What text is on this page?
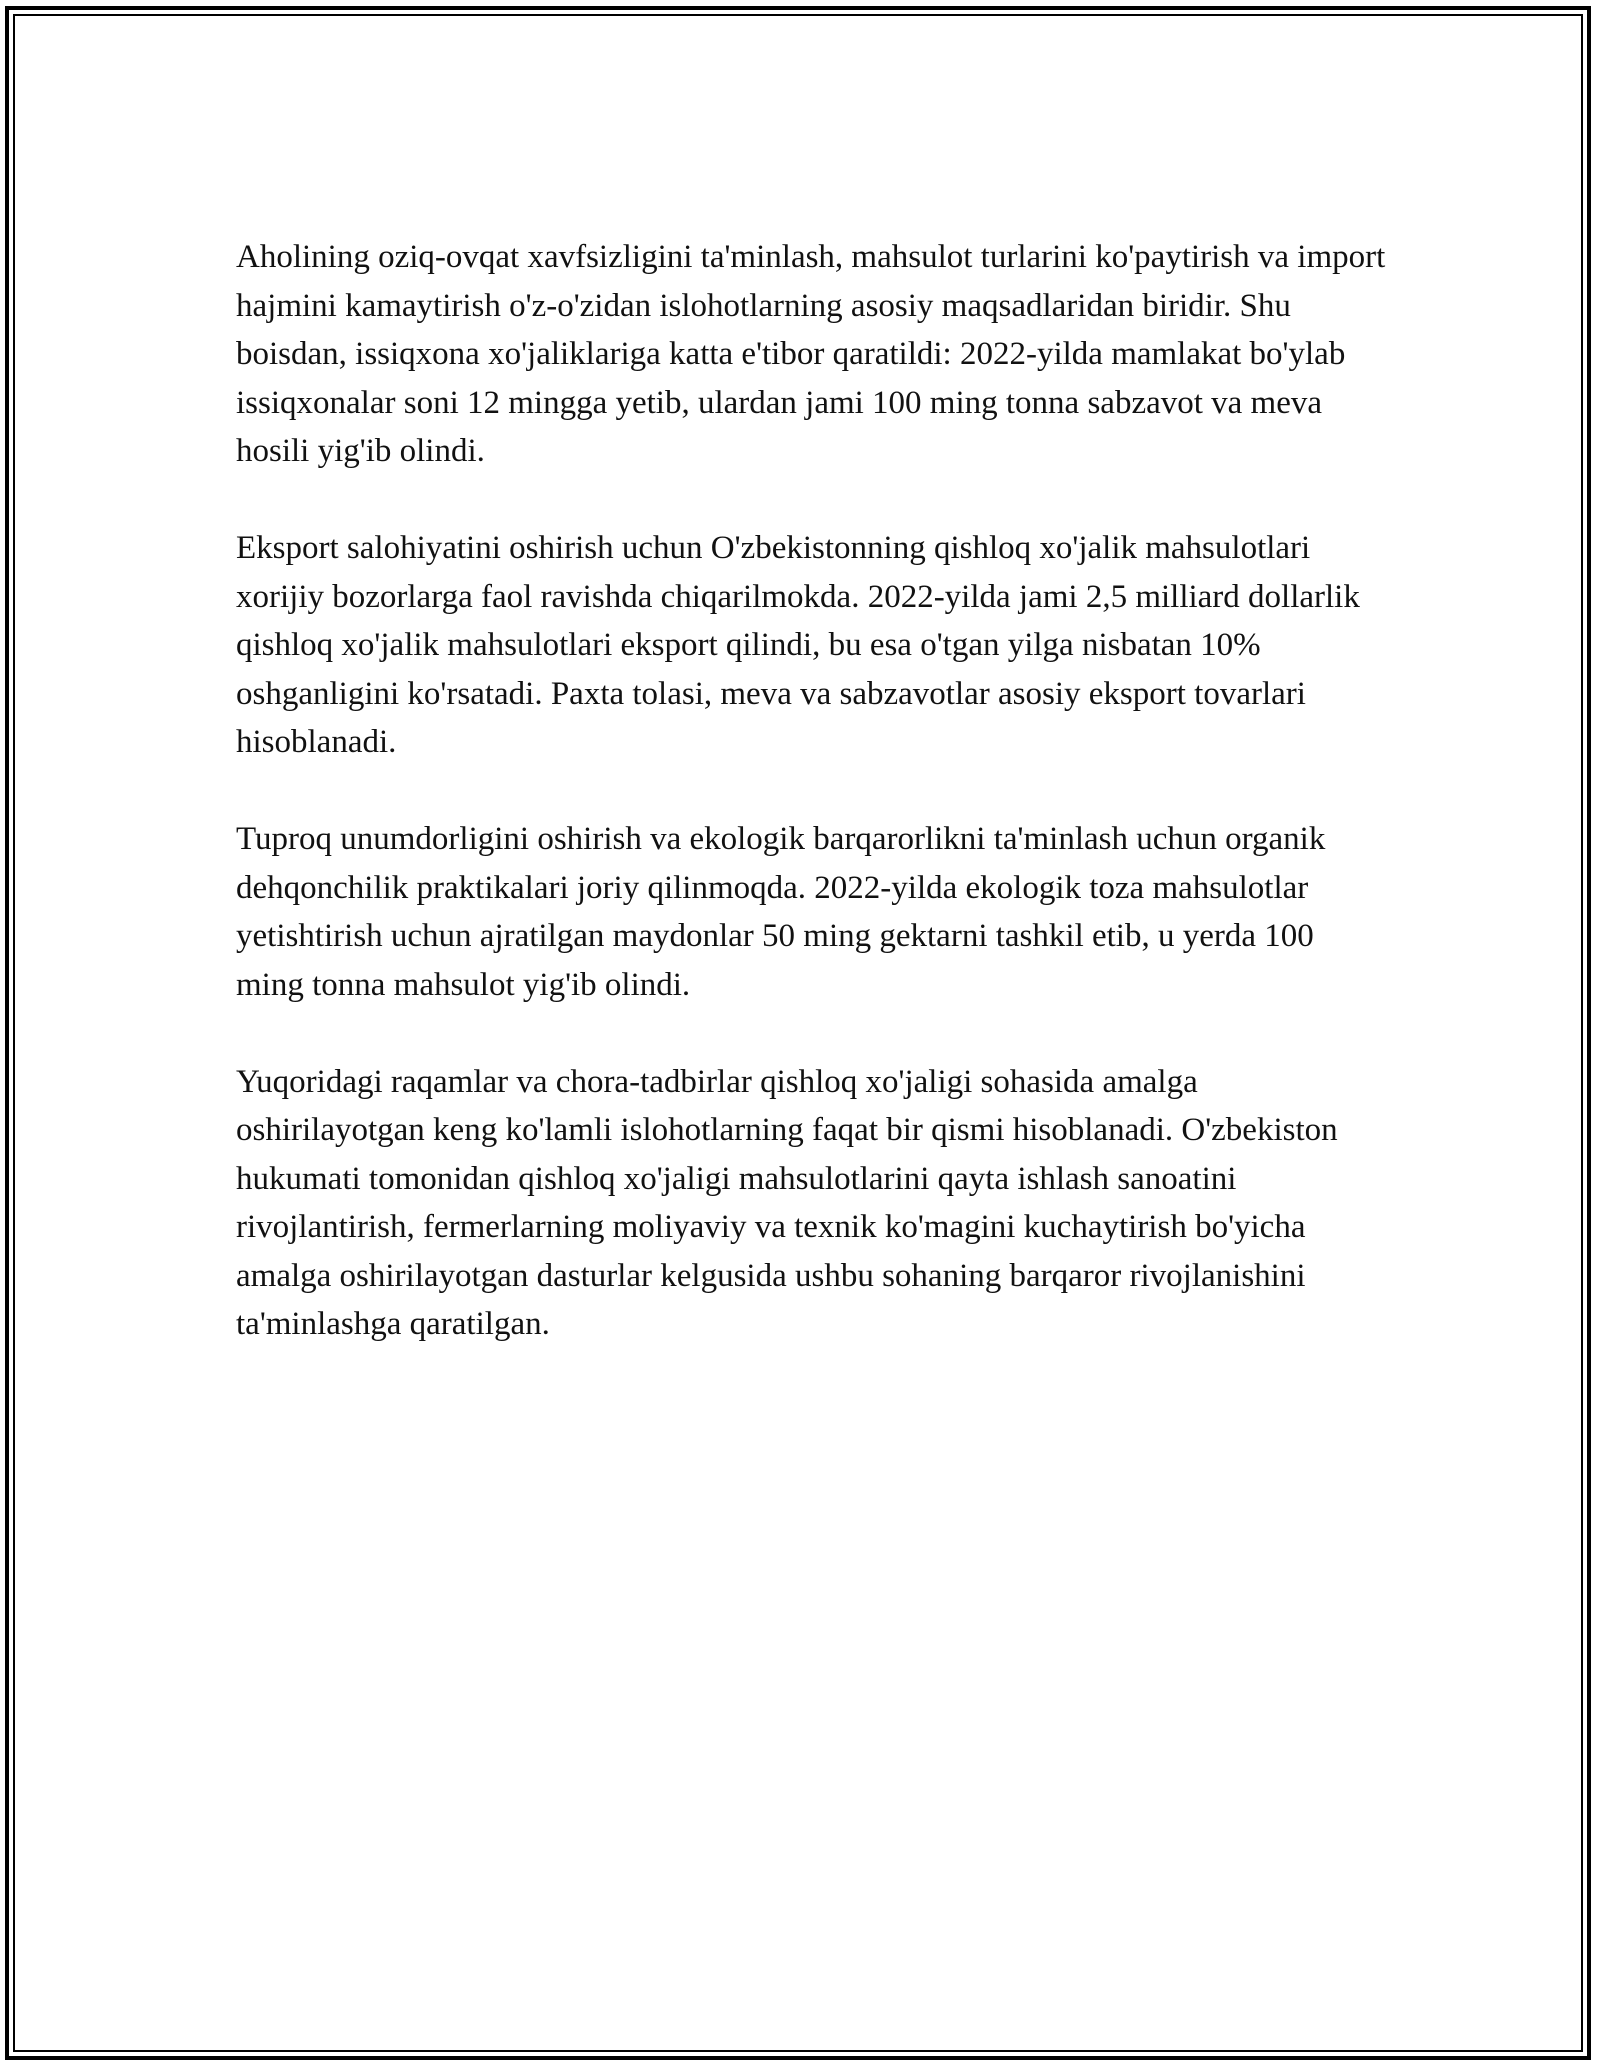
Aholining oziq-ovqat xavfsizligini ta'minlash, mahsulot turlarini ko'paytirish va import hajmini kamaytirish o'z-o'zidan islohotlarning asosiy maqsadlaridan biridir. Shu boisdan, issiqxona xo'jaliklariga katta e'tibor qaratildi: 2022-yilda mamlakat bo'ylab issiqxonalar soni 12 mingga yetib, ulardan jami 100 ming tonna sabzavot va meva hosili yig'ib olindi.

Eksport salohiyatini oshirish uchun O'zbekistonning qishloq xo'jalik mahsulotlari xorijiy bozorlarga faol ravishda chiqarilmokda. 2022-yilda jami 2,5 milliard dollarlik qishloq xo'jalik mahsulotlari eksport qilindi, bu esa o'tgan yilga nisbatan 10% oshganligini ko'rsatadi. Paxta tolasi, meva va sabzavotlar asosiy eksport tovarlari hisoblanadi.

Tuproq unumdorligini oshirish va ekologik barqarorlikni ta'minlash uchun organik dehqonchilik praktikalari joriy qilinmoqda. 2022-yilda ekologik toza mahsulotlar yetishtirish uchun ajratilgan maydonlar 50 ming gektarni tashkil etib, u yerda 100 ming tonna mahsulot yig'ib olindi.

Yuqoridagi raqamlar va chora-tadbirlar qishloq xo'jaligi sohasida amalga oshirilayotgan keng ko'lamli islohotlarning faqat bir qismi hisoblanadi. O'zbekiston hukumati tomonidan qishloq xo'jaligi mahsulotlarini qayta ishlash sanoatini rivojlantirish, fermerlarning moliyaviy va texnik ko'magini kuchaytirish bo'yicha amalga oshirilayotgan dasturlar kelgusida ushbu sohaning barqaror rivojlanishini ta'minlashga qaratilgan.
